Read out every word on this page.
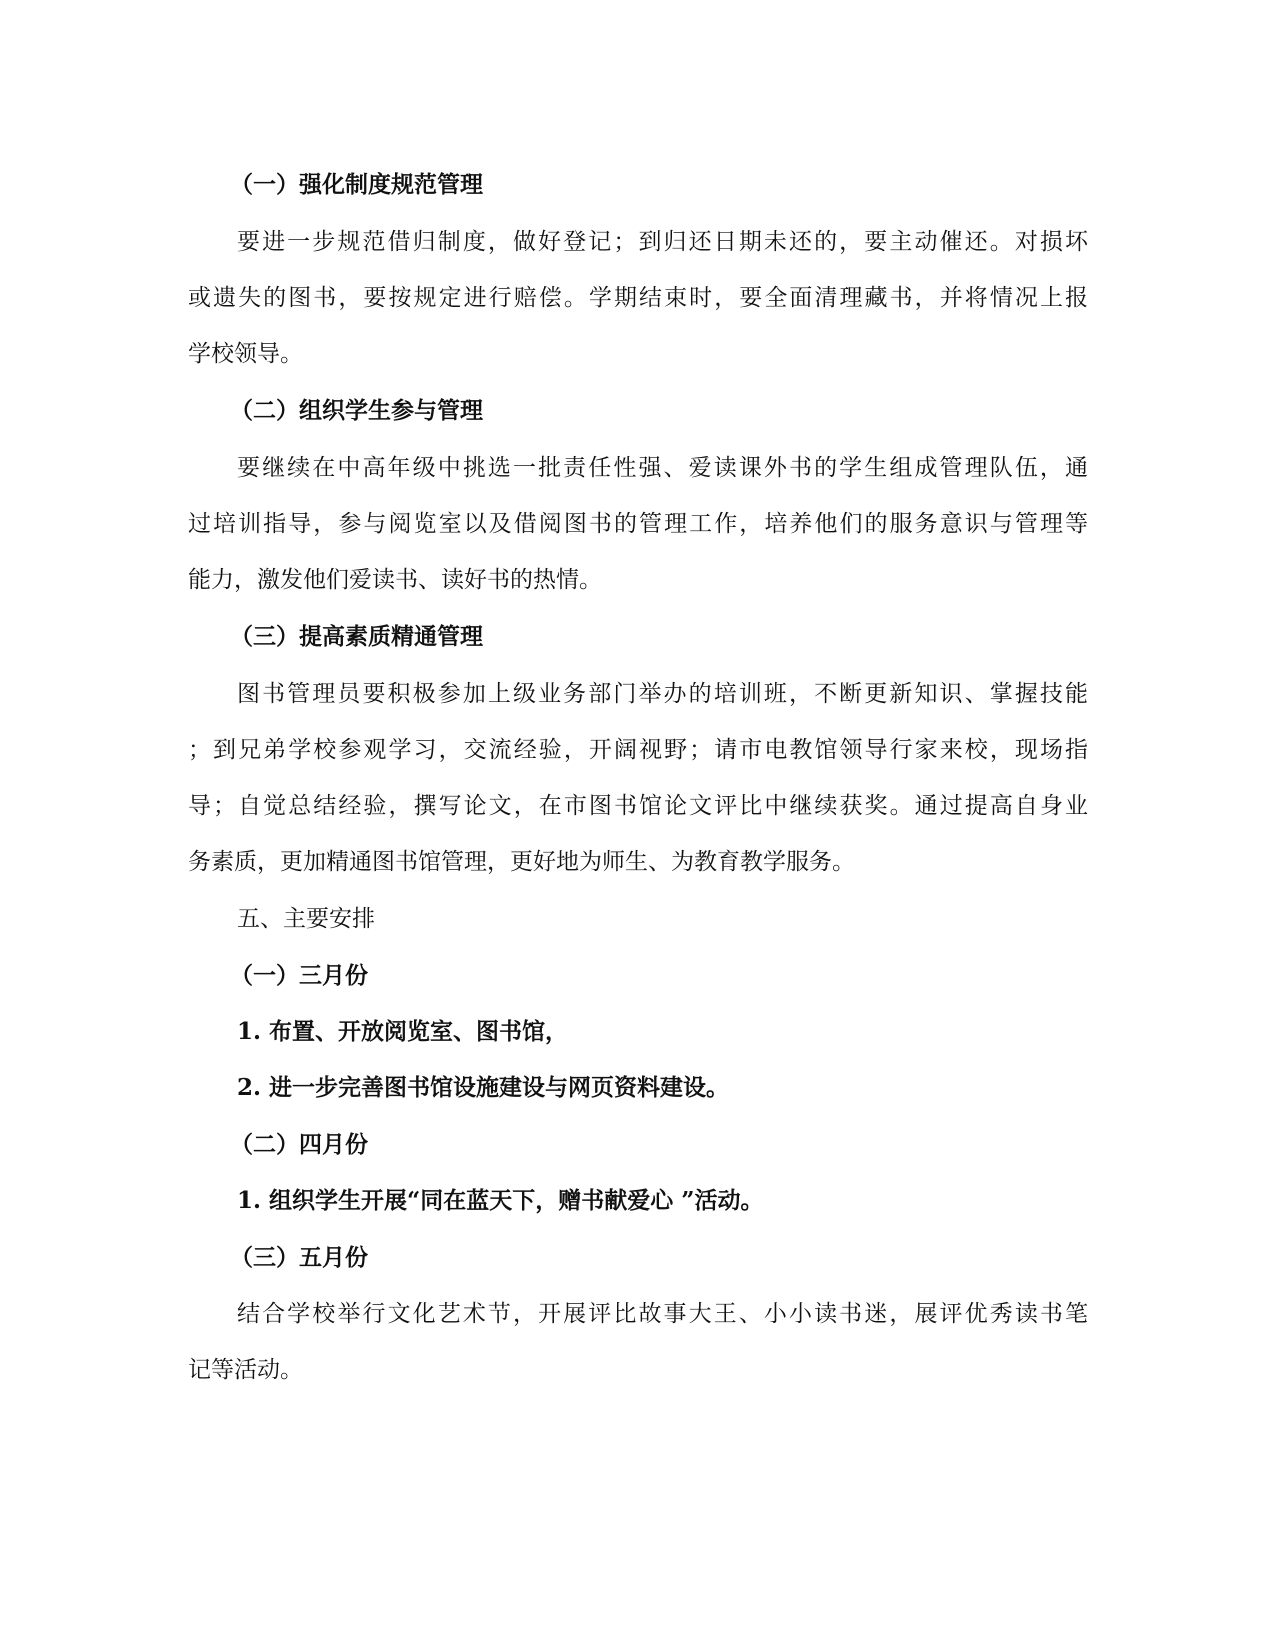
（一）强化制度规范管理
要进一步规范借归制度，做好登记；到归还日期未还的，要主动催还。对损坏
或遗失的图书，要按规定进行赔偿。学期结束时，要全面清理藏书，并将情况上报
学校领导。
（二）组织学生参与管理
要继续在中高年级中挑选一批责任性强、爱读课外书的学生组成管理队伍，通
过培训指导，参与阅览室以及借阅图书的管理工作，培养他们的服务意识与管理等
能力，激发他们爱读书、读好书的热情。
（三）提高素质精通管理
图书管理员要积极参加上级业务部门举办的培训班，不断更新知识、掌握技能
；到兄弟学校参观学习，交流经验，开阔视野；请市电教馆领导行家来校，现场指
导；自觉总结经验，撰写论文，在市图书馆论文评比中继续获奖。通过提高自身业
务素质，更加精通图书馆管理，更好地为师生、为教育教学服务。
五、主要安排
（一）三月份
1. 布置、开放阅览室、图书馆，
2. 进一步完善图书馆设施建设与网页资料建设。
（二）四月份
1. 组织学生开展“同在蓝天下，赠书献爱心 ”活动。
（三）五月份
结合学校举行文化艺术节，开展评比故事大王、小小读书迷，展评优秀读书笔
记等活动。
